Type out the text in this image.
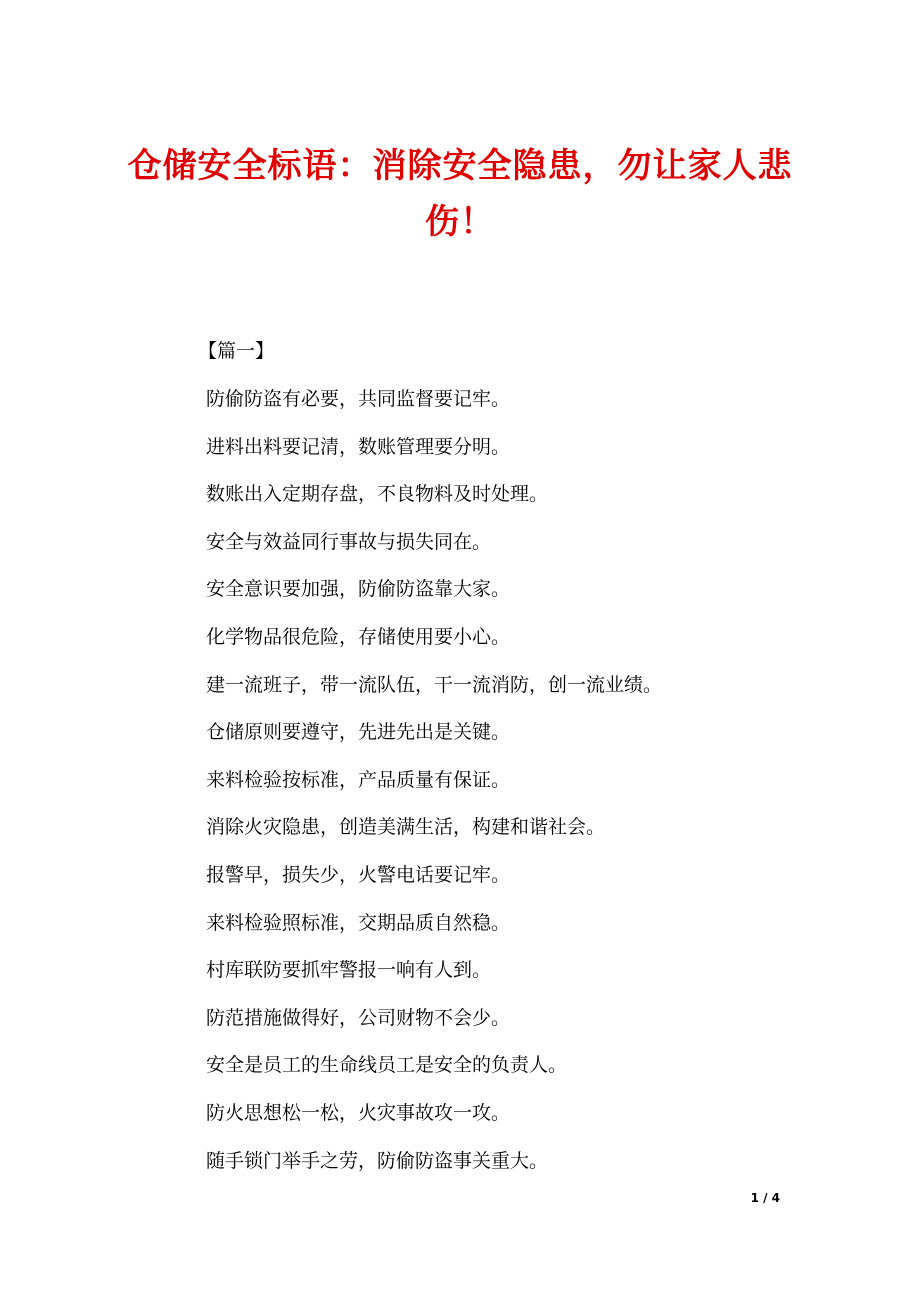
仓储安全标语：消除安全隐患，勿让家人悲伤！
【篇一】
防偷防盗有必要，共同监督要记牢。
进料出料要记清，数账管理要分明。
数账出入定期存盘，不良物料及时处理。
安全与效益同行事故与损失同在。
安全意识要加强，防偷防盗靠大家。
化学物品很危险，存储使用要小心。
建一流班子，带一流队伍，干一流消防，创一流业绩。
仓储原则要遵守，先进先出是关键。
来料检验按标准，产品质量有保证。
消除火灾隐患，创造美满生活，构建和谐社会。
报警早，损失少，火警电话要记牢。
来料检验照标准，交期品质自然稳。
村库联防要抓牢警报一响有人到。
防范措施做得好，公司财物不会少。
安全是员工的生命线员工是安全的负责人。
防火思想松一松，火灾事故攻一攻。
随手锁门举手之劳，防偷防盗事关重大。
1 / 4
